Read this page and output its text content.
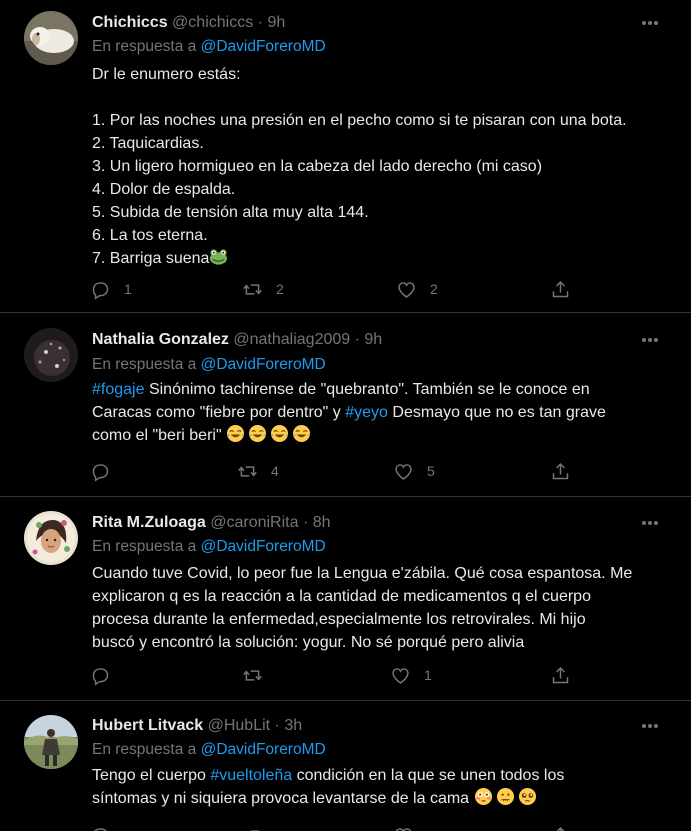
Chichiccs @chichiccs · 9h
En respuesta a @DavidForeroMD
Dr le enumero estás:
1. Por las noches una presión en el pecho como si te pisaran con una bota.
2. Taquicardias.
3. Un ligero hormigueo en la cabeza del lado derecho (mi caso)
4. Dolor de espalda.
5. Subida de tensión alta muy alta 144.
6. La tos eterna.
7. Barriga suena
1	2	2
Nathalia Gonzalez @nathaliag2009 · 9h
En respuesta a @DavidForeroMD
#fogaje Sinónimo tachirense de "quebranto". También se le conoce en
Caracas como "fiebre por dentro" y #yeyo Desmayo que no es tan grave
como el "beri beri"
4	5
Rita M.Zuloaga @caroniRita · 8h
En respuesta a @DavidForeroMD
Cuando tuve Covid, lo peor fue la Lengua e'zábila. Qué cosa espantosa. Me
explicaron q es la reacción a la cantidad de medicamentos q el cuerpo
procesa durante la enfermedad,especialmente los retrovirales. Mi hijo
buscó y encontró la solución: yogur. No sé porqué pero alivia
1
Hubert Litvack @HubLit · 3h
En respuesta a @DavidForeroMD
Tengo el cuerpo #vueltoleña condición en la que se unen todos los
síntomas y ni siquiera provoca levantarse de la cama
